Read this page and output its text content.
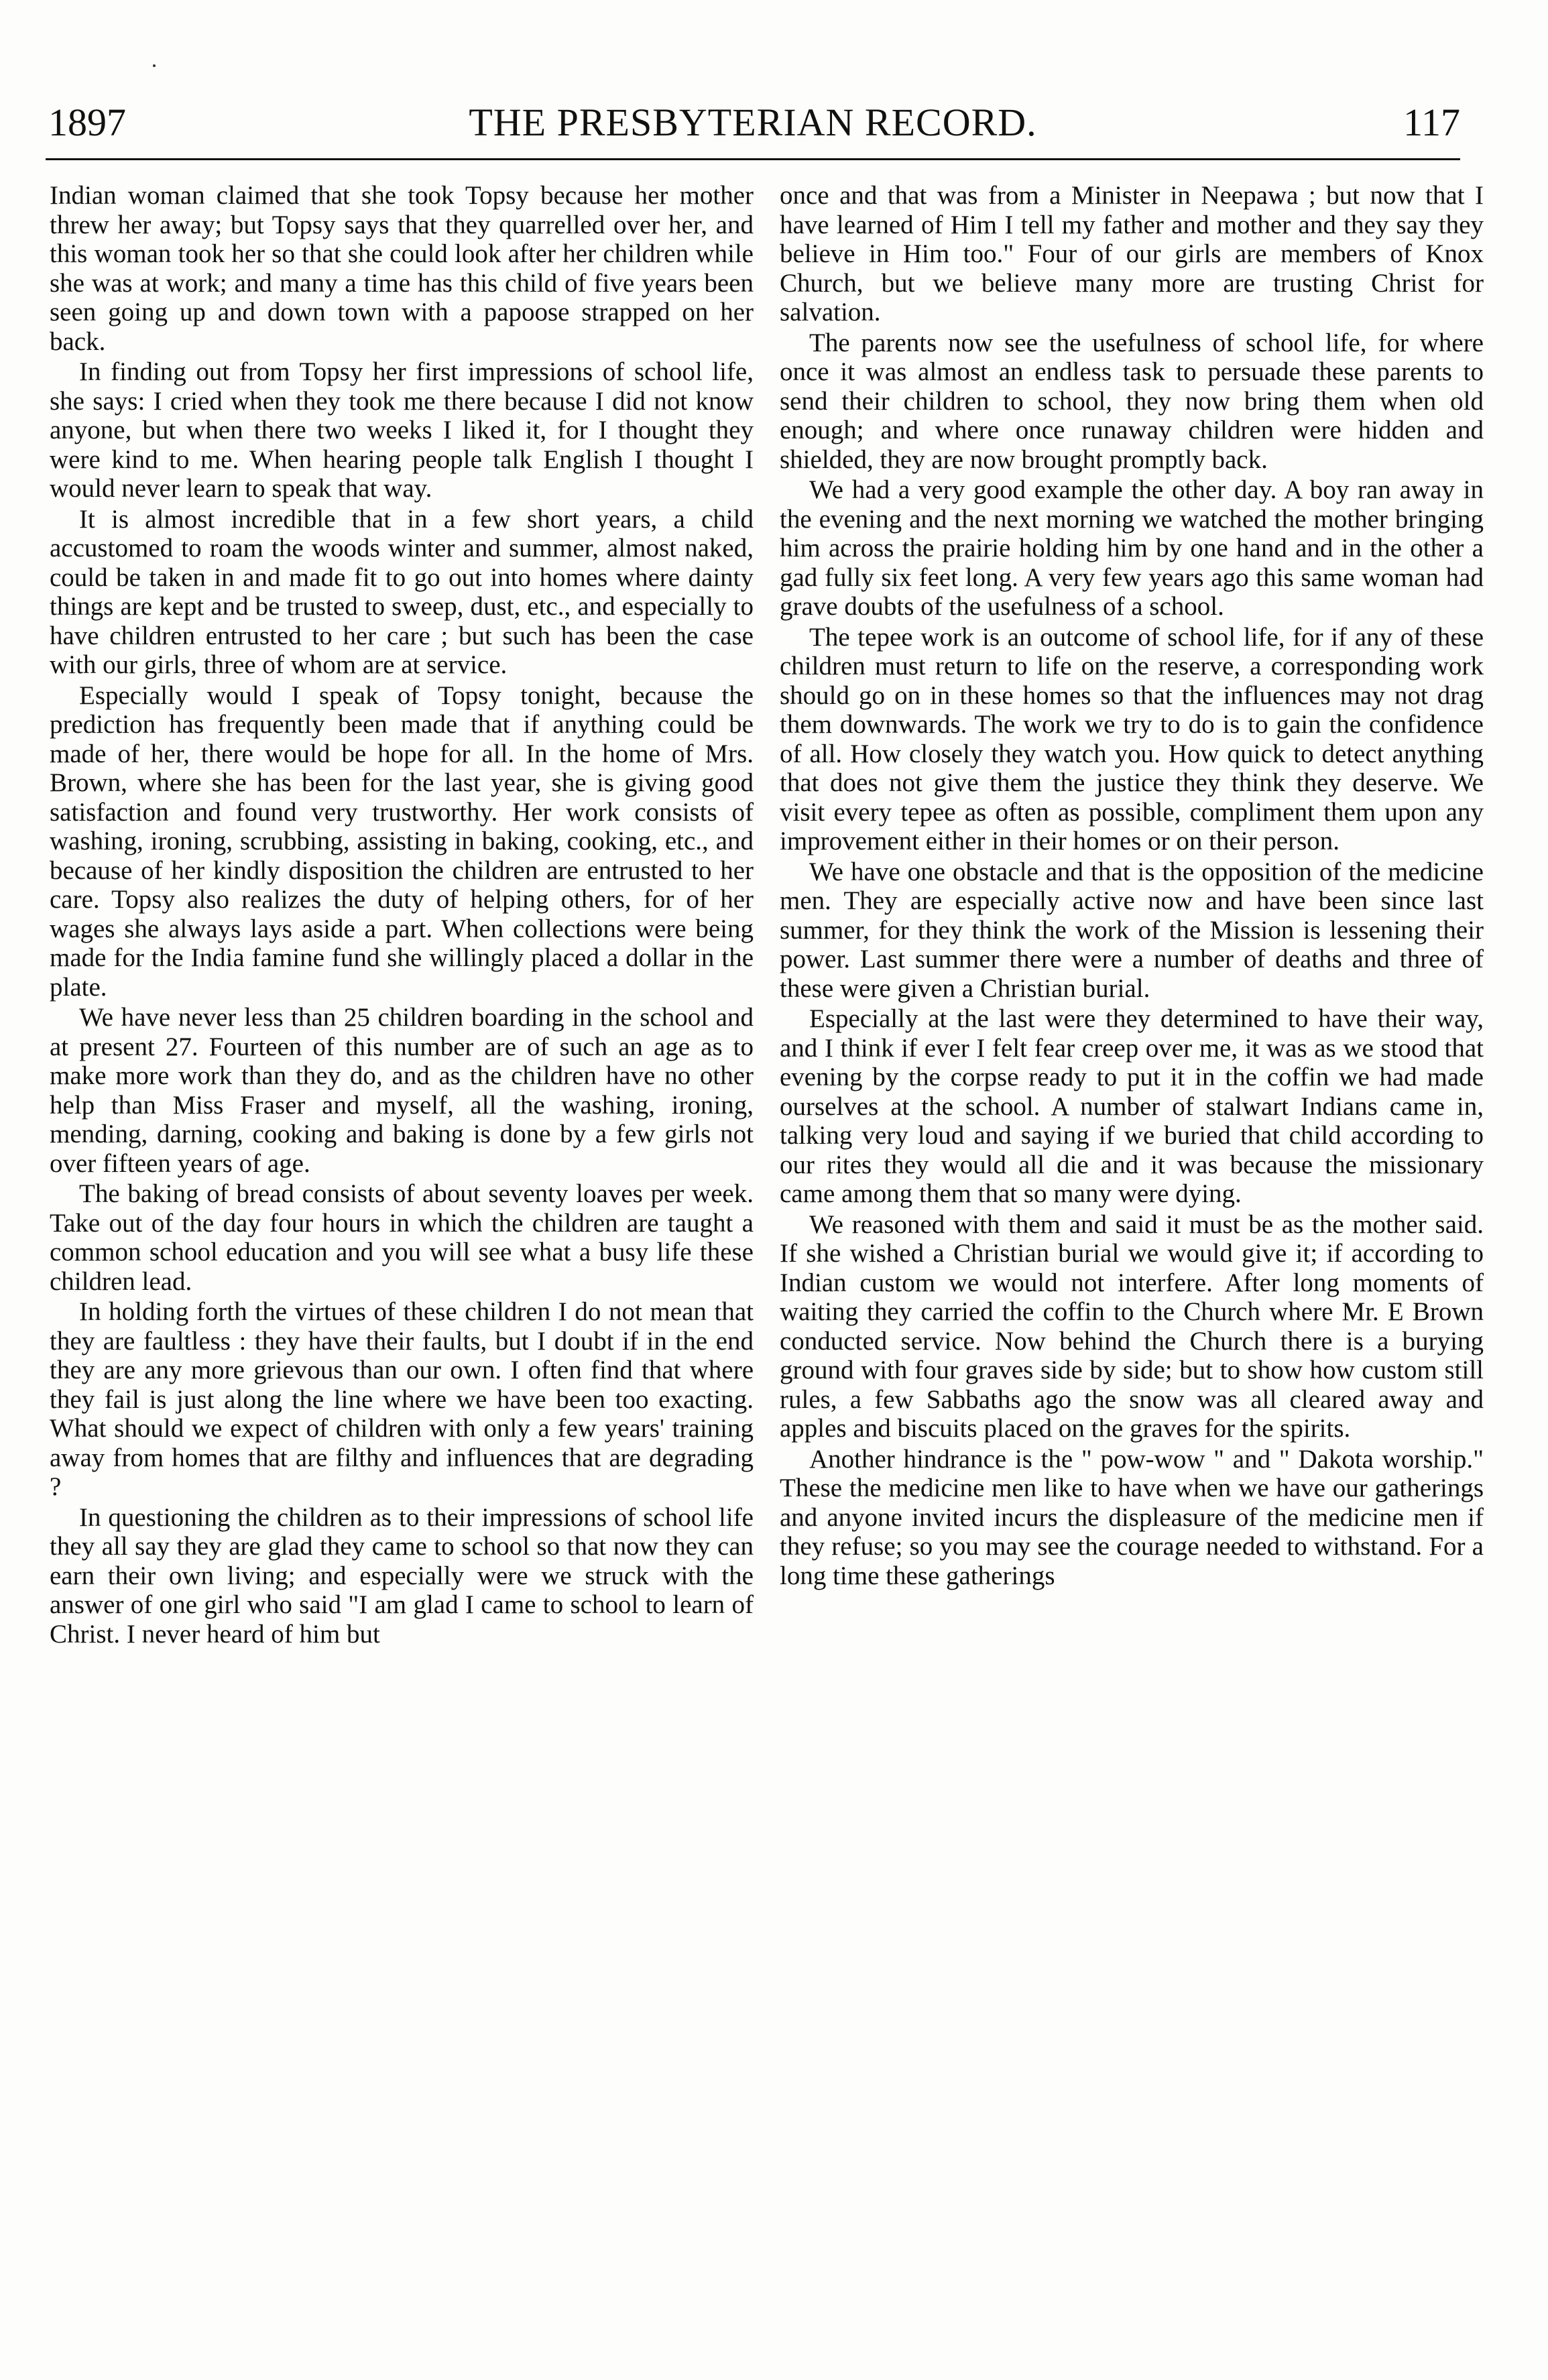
1897	THE PRESBYTERIAN RECORD.	117

Indian woman claimed that she took Topsy because her mother threw her away; but Topsy says that they quarrelled over her, and this woman took her so that she could look after her children while she was at work; and many a time has this child of five years been seen going up and down town with a papoose strapped on her back.

In finding out from Topsy her first impressions of school life, she says: I cried when they took me there because I did not know anyone, but when there two weeks I liked it, for I thought they were kind to me. When hearing people talk English I thought I would never learn to speak that way.

It is almost incredible that in a few short years, a child accustomed to roam the woods winter and summer, almost naked, could be taken in and made fit to go out into homes where dainty things are kept and be trusted to sweep, dust, etc., and especially to have children entrusted to her care ; but such has been the case with our girls, three of whom are at service.

Especially would I speak of Topsy tonight, because the prediction has frequently been made that if anything could be made of her, there would be hope for all. In the home of Mrs. Brown, where she has been for the last year, she is giving good satisfaction and found very trustworthy. Her work consists of washing, ironing, scrubbing, assisting in baking, cooking, etc., and because of her kindly disposition the children are entrusted to her care. Topsy also realizes the duty of helping others, for of her wages she always lays aside a part. When collections were being made for the India famine fund she willingly placed a dollar in the plate.

We have never less than 25 children boarding in the school and at present 27. Fourteen of this number are of such an age as to make more work than they do, and as the children have no other help than Miss Fraser and myself, all the washing, ironing, mending, darning, cooking and baking is done by a few girls not over fifteen years of age.

The baking of bread consists of about seventy loaves per week. Take out of the day four hours in which the children are taught a common school education and you will see what a busy life these children lead.

In holding forth the virtues of these children I do not mean that they are faultless : they have their faults, but I doubt if in the end they are any more grievous than our own. I often find that where they fail is just along the line where we have been too exacting. What should we expect of children with only a few years' training away from homes that are filthy and influences that are degrading ?

In questioning the children as to their impressions of school life they all say they are glad they came to school so that now they can earn their own living; and especially were we struck with the answer of one girl who said "I am glad I came to school to learn of Christ. I never heard of him but

once and that was from a Minister in Neepawa ; but now that I have learned of Him I tell my father and mother and they say they believe in Him too." Four of our girls are members of Knox Church, but we believe many more are trusting Christ for salvation.

The parents now see the usefulness of school life, for where once it was almost an endless task to persuade these parents to send their children to school, they now bring them when old enough; and where once runaway children were hidden and shielded, they are now brought promptly back.

We had a very good example the other day. A boy ran away in the evening and the next morning we watched the mother bringing him across the prairie holding him by one hand and in the other a gad fully six feet long. A very few years ago this same woman had grave doubts of the usefulness of a school.

The tepee work is an outcome of school life, for if any of these children must return to life on the reserve, a corresponding work should go on in these homes so that the influences may not drag them downwards. The work we try to do is to gain the confidence of all. How closely they watch you. How quick to detect anything that does not give them the justice they think they deserve. We visit every tepee as often as possible, compliment them upon any improvement either in their homes or on their person.

We have one obstacle and that is the opposition of the medicine men. They are especially active now and have been since last summer, for they think the work of the Mission is lessening their power. Last summer there were a number of deaths and three of these were given a Christian burial.

Especially at the last were they determined to have their way, and I think if ever I felt fear creep over me, it was as we stood that evening by the corpse ready to put it in the coffin we had made ourselves at the school. A number of stalwart Indians came in, talking very loud and saying if we buried that child according to our rites they would all die and it was because the missionary came among them that so many were dying.

We reasoned with them and said it must be as the mother said. If she wished a Christian burial we would give it; if according to Indian custom we would not interfere. After long moments of waiting they carried the coffin to the Church where Mr. E Brown conducted service. Now behind the Church there is a burying ground with four graves side by side; but to show how custom still rules, a few Sabbaths ago the snow was all cleared away and apples and biscuits placed on the graves for the spirits.

Another hindrance is the " pow-wow " and " Dakota worship." These the medicine men like to have when we have our gatherings and anyone invited incurs the displeasure of the medicine men if they refuse; so you may see the courage needed to withstand. For a long time these gatherings
